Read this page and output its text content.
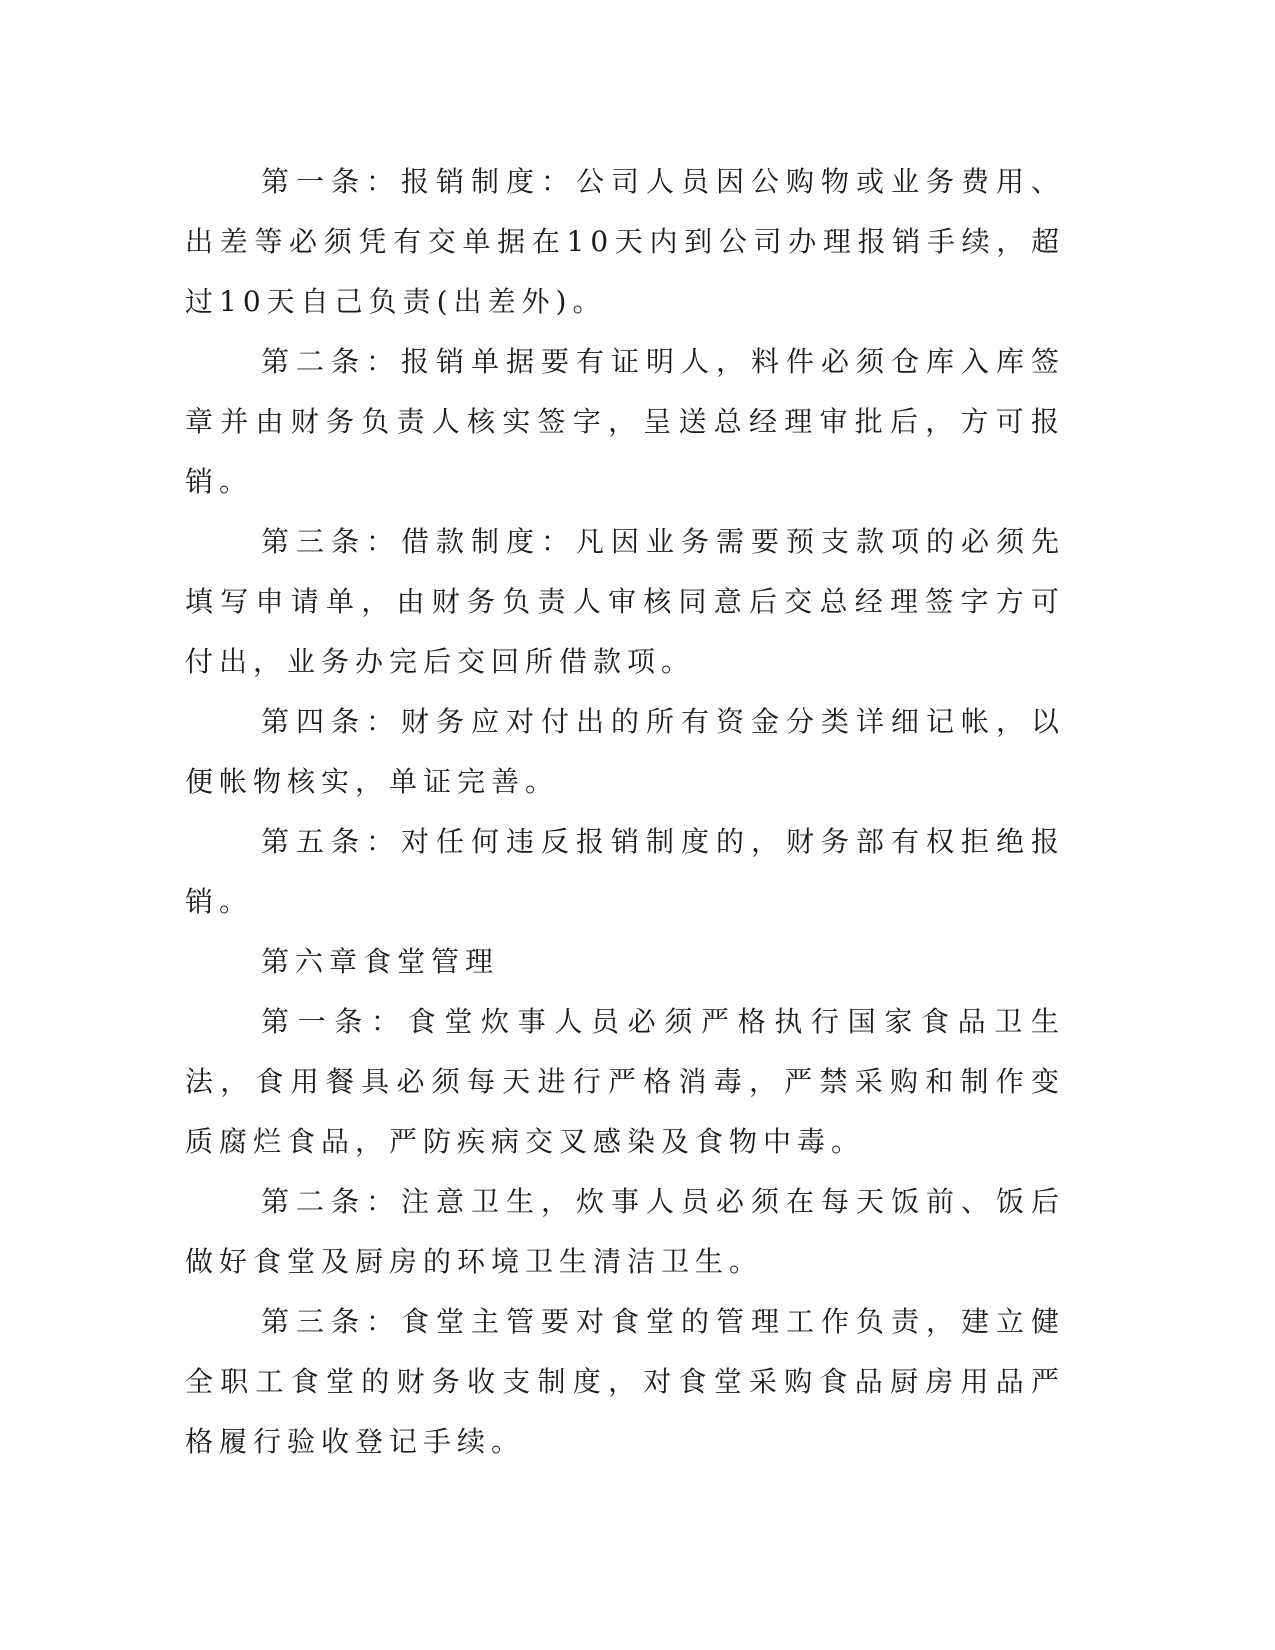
第一条：报销制度：公司人员因公购物或业务费用、出差等必须凭有交单据在10天内到公司办理报销手续，超过10天自己负责(出差外)。

第二条：报销单据要有证明人，料件必须仓库入库签章并由财务负责人核实签字，呈送总经理审批后，方可报销。

第三条：借款制度：凡因业务需要预支款项的必须先填写申请单，由财务负责人审核同意后交总经理签字方可付出，业务办完后交回所借款项。

第四条：财务应对付出的所有资金分类详细记帐，以便帐物核实，单证完善。

第五条：对任何违反报销制度的，财务部有权拒绝报销。

第六章食堂管理

第一条：食堂炊事人员必须严格执行国家食品卫生法，食用餐具必须每天进行严格消毒，严禁采购和制作变质腐烂食品，严防疾病交叉感染及食物中毒。

第二条：注意卫生，炊事人员必须在每天饭前、饭后做好食堂及厨房的环境卫生清洁卫生。

第三条：食堂主管要对食堂的管理工作负责，建立健全职工食堂的财务收支制度，对食堂采购食品厨房用品严格履行验收登记手续。
